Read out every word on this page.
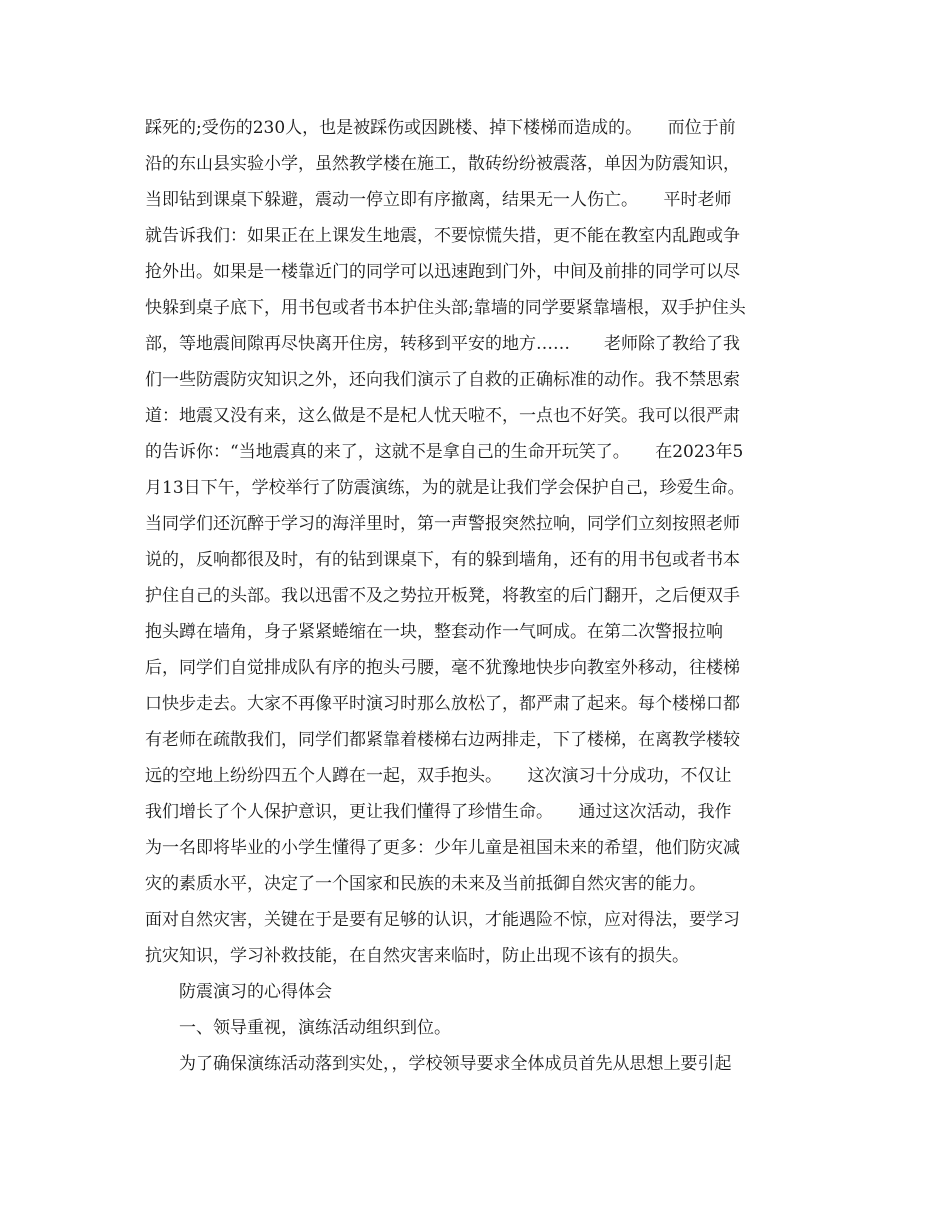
踩死的;受伤的230人，也是被踩伤或因跳楼、掉下楼梯而造成的。　　而位于前

沿的东山县实验小学，虽然教学楼在施工，散砖纷纷被震落，单因为防震知识，

当即钻到课桌下躲避，震动一停立即有序撤离，结果无一人伤亡。　　平时老师

就告诉我们：如果正在上课发生地震，不要惊慌失措，更不能在教室内乱跑或争

抢外出。如果是一楼靠近门的同学可以迅速跑到门外，中间及前排的同学可以尽

快躲到桌子底下，用书包或者书本护住头部;靠墙的同学要紧靠墙根，双手护住头

部，等地震间隙再尽快离开住房，转移到平安的地方……　　老师除了教给了我

们一些防震防灾知识之外，还向我们演示了自救的正确标准的动作。我不禁思索

道：地震又没有来，这么做是不是杞人忧天啦不，一点也不好笑。我可以很严肃

的告诉你：“当地震真的来了，这就不是拿自己的生命开玩笑了。　　在2023年5

月13日下午，学校举行了防震演练，为的就是让我们学会保护自己，珍爱生命。

当同学们还沉醉于学习的海洋里时，第一声警报突然拉响，同学们立刻按照老师

说的，反响都很及时，有的钻到课桌下，有的躲到墙角，还有的用书包或者书本

护住自己的头部。我以迅雷不及之势拉开板凳，将教室的后门翻开，之后便双手

抱头蹲在墙角，身子紧紧蜷缩在一块，整套动作一气呵成。在第二次警报拉响

后，同学们自觉排成队有序的抱头弓腰，毫不犹豫地快步向教室外移动，往楼梯

口快步走去。大家不再像平时演习时那么放松了，都严肃了起来。每个楼梯口都

有老师在疏散我们，同学们都紧靠着楼梯右边两排走，下了楼梯，在离教学楼较

远的空地上纷纷四五个人蹲在一起，双手抱头。　　这次演习十分成功，不仅让

我们增长了个人保护意识，更让我们懂得了珍惜生命。　　通过这次活动，我作

为一名即将毕业的小学生懂得了更多：少年儿童是祖国未来的希望，他们防灾减

灾的素质水平，决定了一个国家和民族的未来及当前抵御自然灾害的能力。

面对自然灾害，关键在于是要有足够的认识，才能遇险不惊，应对得法，要学习

抗灾知识，学习补救技能，在自然灾害来临时，防止出现不该有的损失。

防震演习的心得体会

一、领导重视，演练活动组织到位。

为了确保演练活动落到实处，，学校领导要求全体成员首先从思想上要引起
